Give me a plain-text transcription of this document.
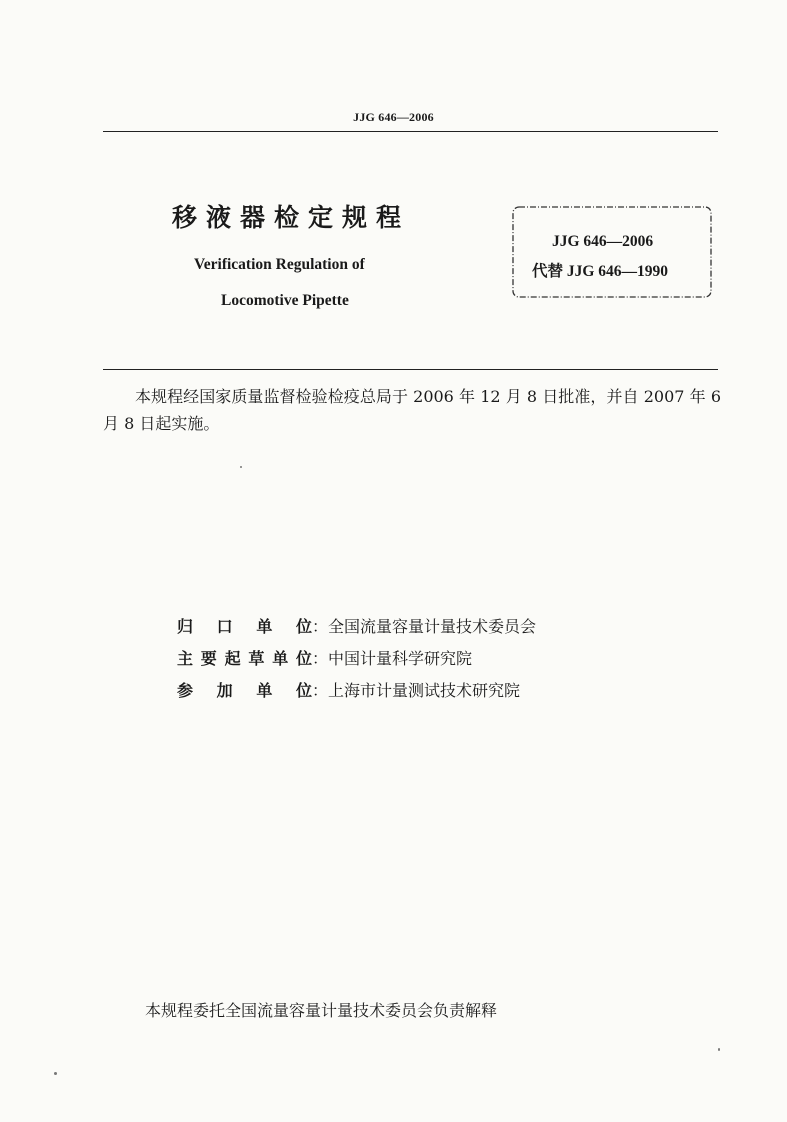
JJG 646—2006
移液器检定规程
Verification Regulation of
Locomotive Pipette
JJG 646—2006
代替 JJG 646—1990
本规程经国家质量监督检验检疫总局于 2006 年 12 月 8 日批准，并自 2007 年 6 月 8 日起实施。
归 口 单 位 ： 全国流量容量计量技术委员会
主 要 起 草 单 位 ： 中国计量科学研究院
参 加 单 位 ： 上海市计量测试技术研究院
本规程委托全国流量容量计量技术委员会负责解释
